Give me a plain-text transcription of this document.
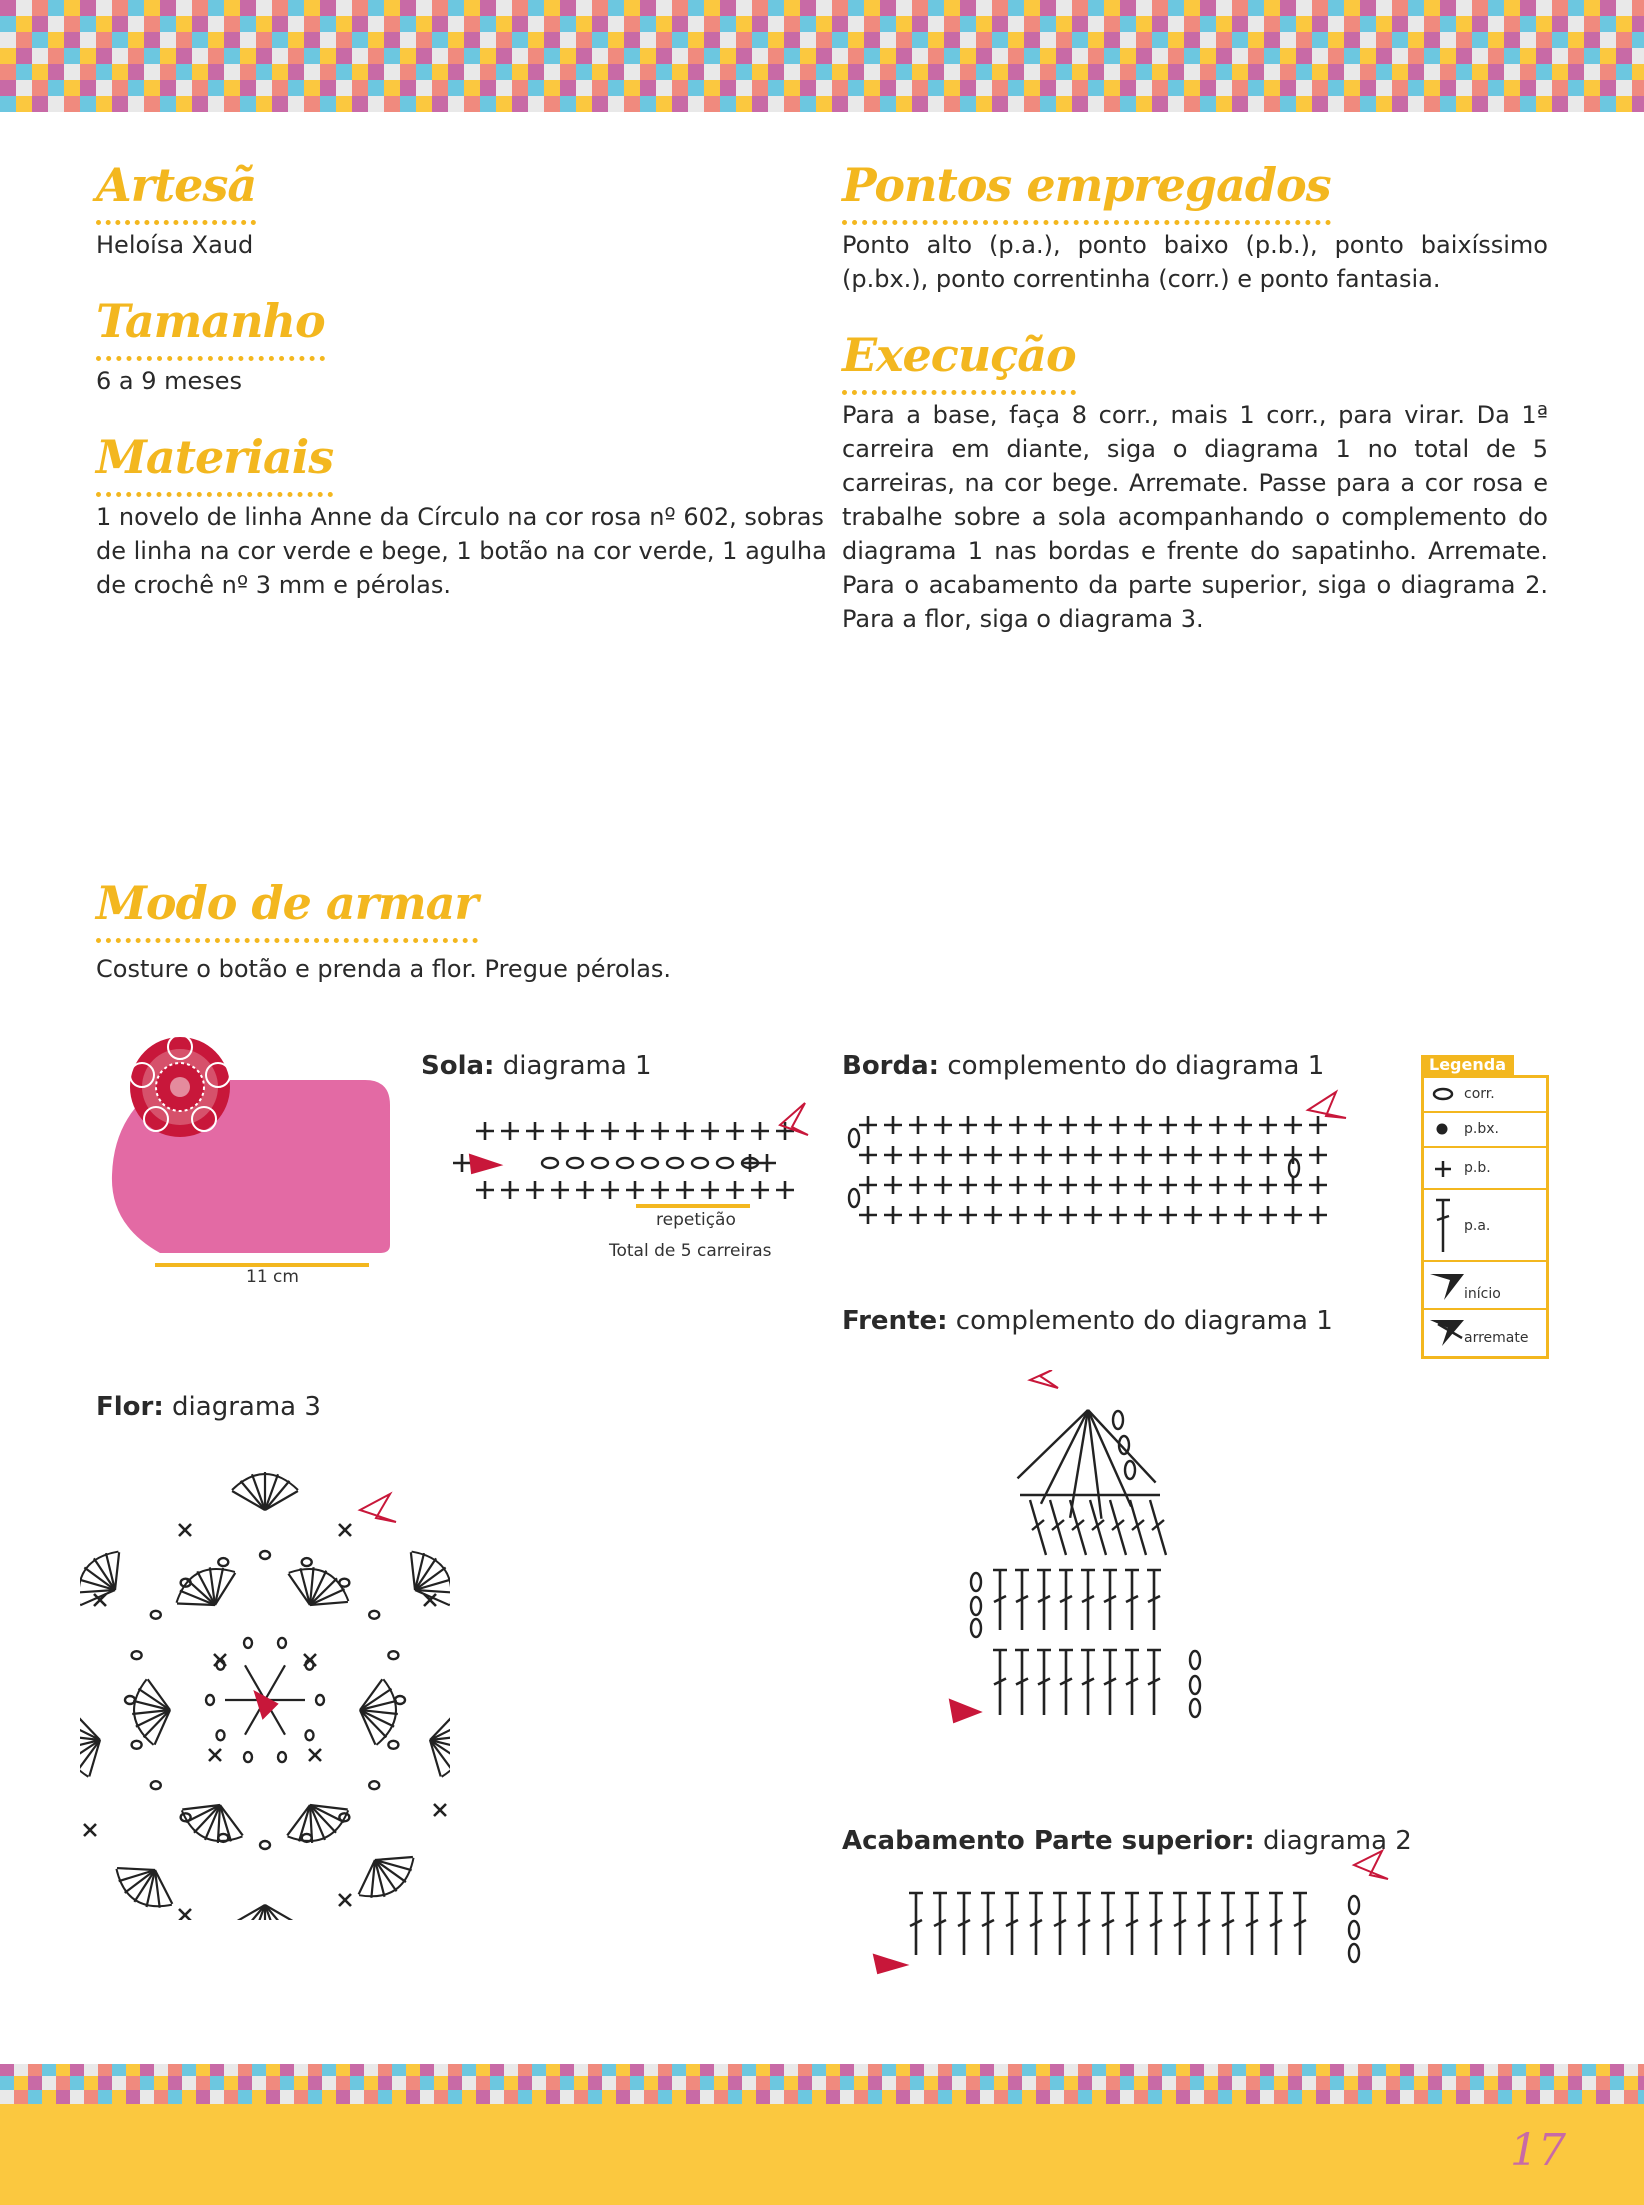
Artesã
Heloísa Xaud
Tamanho
6 a 9 meses
Materiais
1 novelo de linha Anne da Círculo na cor rosa nº 602, sobras
de linha na cor verde e bege, 1 botão na cor verde, 1 agulha
de crochê nº 3 mm e pérolas.
Pontos empregados
Ponto alto (p.a.), ponto baixo (p.b.), ponto baixíssimo (p.bx.), ponto correntinha (corr.) e ponto fantasia.
Execução
Para a base, faça 8 corr., mais 1 corr., para virar. Da 1ª carreira em diante, siga o diagrama 1 no total de 5 carreiras, na cor bege. Arremate. Passe para a cor rosa e trabalhe sobre a sola acompanhando o complemento do diagrama 1 nas bordas e frente do sapatinho. Arremate. Para o acabamento da parte superior, siga o diagrama 2. Para a flor, siga o diagrama 3.
Modo de armar
Costure o botão e prenda a flor. Pregue pérolas.
11 cm
Sola: diagrama 1
repetição
Total de 5 carreiras
Borda: complemento do diagrama 1
Frente: complemento do diagrama 1
Legenda
corr.
p.bx.
p.b.
p.a.
início
arremate
Flor: diagrama 3
Acabamento Parte superior: diagrama 2
17
